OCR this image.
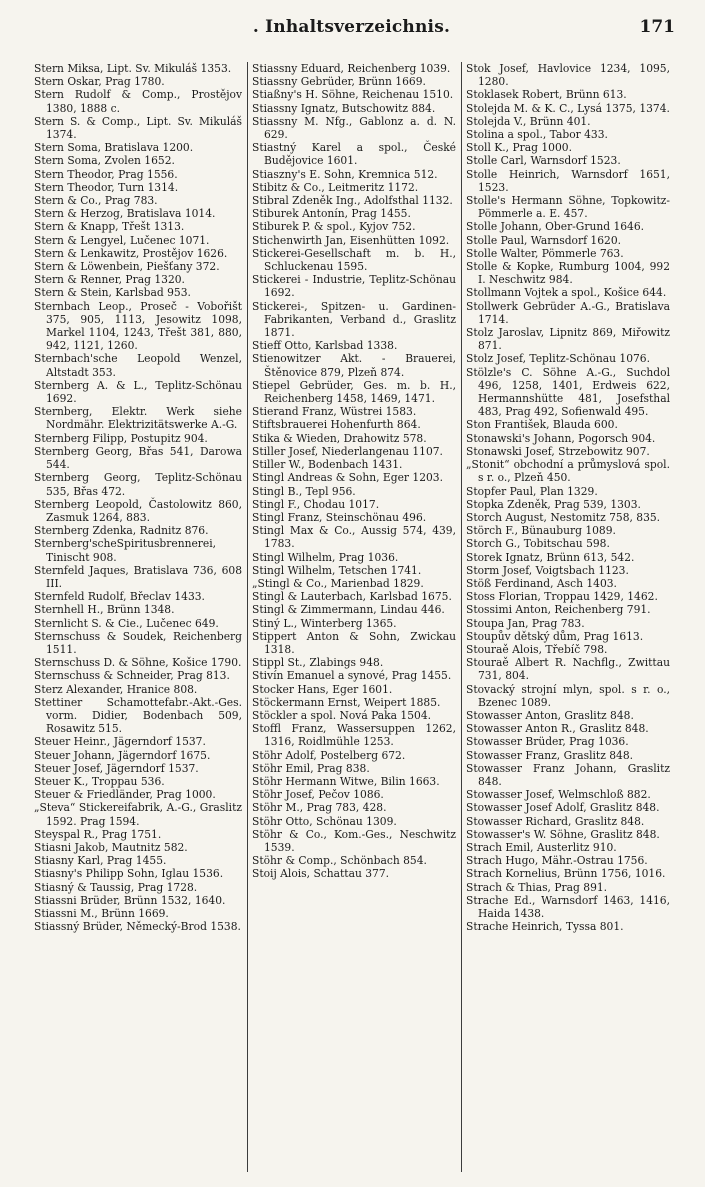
. Inhaltsverzeichnis.	171
Stern Miksa, Lipt. Sv. Mikuláš 1353.
Stern Oskar, Prag 1780.
Stern Rudolf & Comp., Prostějov 1380, 1888 c.
Stern S. & Comp., Lipt. Sv. Mikuláš 1374.
Stern Soma, Bratislava 1200.
Stern Soma, Zvolen 1652.
Stern Theodor, Prag 1556.
Stern Theodor, Turn 1314.
Stern & Co., Prag 783.
Stern & Herzog, Bratislava 1014.
Stern & Knapp, Třešt 1313.
Stern & Lengyel, Lučenec 1071.
Stern & Lenkawitz, Prostějov 1626.
Stern & Löwenbein, Piešťany 372.
Stern & Renner, Prag 1320.
Stern & Stein, Karlsbad 953.
Sternbach Leop., Proseč - Vobořišt 375, 905, 1113, Jesowitz 1098, Markel 1104, 1243, Třešt 381, 880, 942, 1121, 1260.
Sternbach'sche Leopold Wenzel, Altstadt 353.
Sternberg A. & L., Teplitz-Schönau 1692.
Sternberg, Elektr. Werk siehe Nordmähr. Elektrizitätswerke A.-G.
Sternberg Filipp, Postupitz 904.
Sternberg Georg, Břas 541, Darowa 544.
Sternberg Georg, Teplitz-Schönau 535, Břas 472.
Sternberg Leopold, Častolowitz 860, Zasmuk 1264, 883.
Sternberg Zdenka, Radnitz 876.
Sternberg'scheSpiritusbrennerei, Tinischt 908.
Sternfeld Jaques, Bratislava 736, 608 III.
Sternfeld Rudolf, Břeclav 1433.
Sternhell H., Brünn 1348.
Sternlicht S. & Cie., Lučenec 649.
Sternschuss & Soudek, Reichenberg 1511.
Sternschuss D. & Söhne, Košice 1790.
Sternschuss & Schneider, Prag 813.
Sterz Alexander, Hranice 808.
Stettiner Schamottefabr.-Akt.-Ges. vorm. Didier, Bodenbach 509, Rosawitz 515.
Steuer Heinr., Jägerndorf 1537.
Steuer Johann, Jägerndorf 1675.
Steuer Josef, Jägerndorf 1537.
Steuer K., Troppau 536.
Steuer & Friedländer, Prag 1000.
„Steva“ Stickereifabrik, A.-G., Graslitz 1592. Prag 1594.
Steyspal R., Prag 1751.
Stiasni Jakob, Mautnitz 582.
Stiasny Karl, Prag 1455.
Stiasny's Philipp Sohn, Iglau 1536.
Stiasný & Taussig, Prag 1728.
Stiassni Brüder, Brünn 1532, 1640.
Stiassni M., Brünn 1669.
Stiassný Brüder, Německý-Brod 1538.
Stiassny Eduard, Reichenberg 1039.
Stiassny Gebrüder, Brünn 1669.
Stiaßny's H. Söhne, Reichenau 1510.
Stiassny Ignatz, Butschowitz 884.
Stiassny M. Nfg., Gablonz a. d. N. 629.
Stiastný Karel a spol., České Budějovice 1601.
Stiaszny's E. Sohn, Kremnica 512.
Stibitz & Co., Leitmeritz 1172.
Stibral Zdeněk Ing., Adolfsthal 1132.
Stiburek Antonín, Prag 1455.
Stiburek P. & spol., Kyjov 752.
Stichenwirth Jan, Eisenhütten 1092.
Stickerei-Gesellschaft m. b. H., Schluckenau 1595.
Stickerei - Industrie, Teplitz-Schönau 1692.
Stickerei-, Spitzen- u. Gardinen-Fabrikanten, Verband d., Graslitz 1871.
Stieff Otto, Karlsbad 1338.
Stienowitzer Akt. - Brauerei, Štěnovice 879, Plzeň 874.
Stiepel Gebrüder, Ges. m. b. H., Reichenberg 1458, 1469, 1471.
Stierand Franz, Wüstrei 1583.
Stiftsbrauerei Hohenfurth 864.
Stika & Wieden, Drahowitz 578.
Stiller Josef, Niederlangenau 1107.
Stiller W., Bodenbach 1431.
Stingl Andreas & Sohn, Eger 1203.
Stingl B., Tepl 956.
Stingl F., Chodau 1017.
Stingl Franz, Steinschönau 496.
Stingl Max & Co., Aussig 574, 439, 1783.
Stingl Wilhelm, Prag 1036.
Stingl Wilhelm, Tetschen 1741.
„Stingl & Co., Marienbad 1829.
Stingl & Lauterbach, Karlsbad 1675.
Stingl & Zimmermann, Lindau 446.
Stiný L., Winterberg 1365.
Stippert Anton & Sohn, Zwickau 1318.
Stippl St., Zlabings 948.
Stivín Emanuel a synové, Prag 1455.
Stocker Hans, Eger 1601.
Stöckermann Ernst, Weipert 1885.
Stöckler a spol. Nová Paka 1504.
Stoffl Franz, Wassersuppen 1262, 1316, Roidlmühle 1253.
Stöhr Adolf, Postelberg 672.
Stöhr Emil, Prag 838.
Stöhr Hermann Witwe, Bilin 1663.
Stöhr Josef, Pečov 1086.
Stöhr M., Prag 783, 428.
Stöhr Otto, Schönau 1309.
Stöhr & Co., Kom.-Ges., Neschwitz 1539.
Stöhr & Comp., Schönbach 854.
Stoij Alois, Schattau 377.
Stok Josef, Havlovice 1234, 1095, 1280.
Stoklasek Robert, Brünn 613.
Stolejda M. & K. C., Lysá 1375, 1374.
Stolejda V., Brünn 401.
Stolina a spol., Tabor 433.
Stoll K., Prag 1000.
Stolle Carl, Warnsdorf 1523.
Stolle Heinrich, Warnsdorf 1651, 1523.
Stolle's Hermann Söhne, Topkowitz-Pömmerle a. E. 457.
Stolle Johann, Ober-Grund 1646.
Stolle Paul, Warnsdorf 1620.
Stolle Walter, Pömmerle 763.
Stolle & Kopke, Rumburg 1004, 992 I. Neschwitz 984.
Stollmann Vojtek a spol., Košice 644.
Stollwerk Gebrüder A.-G., Bratislava 1714.
Stolz Jaroslav, Lipnitz 869, Miřowitz 871.
Stolz Josef, Teplitz-Schönau 1076.
Stölzle's C. Söhne A.-G., Suchdol 496, 1258, 1401, Erdweis 622, Hermannshütte 481, Josefsthal 483, Prag 492, Sofienwald 495.
Ston František, Blauda 600.
Stonawski's Johann, Pogorsch 904.
Stonawski Josef, Strzebowitz 907.
„Stonit“ obchodní a průmyslová spol. s r. o., Plzeň 450.
Stopfer Paul, Plan 1329.
Stopka Zdeněk, Prag 539, 1303.
Storch August, Nestomitz 758, 835.
Störch F., Bünauburg 1089.
Storch G., Tobitschau 598.
Storek Ignatz, Brünn 613, 542.
Storm Josef, Voigtsbach 1123.
Stöß Ferdinand, Asch 1403.
Stoss Florian, Troppau 1429, 1462.
Stossimi Anton, Reichenberg 791.
Stoupa Jan, Prag 783.
Stoupův dětský dům, Prag 1613.
Stouraě Alois, Třebíč 798.
Stouraě Albert R. Nachflg., Zwittau 731, 804.
Stovacký strojní mlyn, spol. s r. o., Bzenec 1089.
Stowasser Anton, Graslitz 848.
Stowasser Anton R., Graslitz 848.
Stowasser Brüder, Prag 1036.
Stowasser Franz, Graslitz 848.
Stowasser Franz Johann, Graslitz 848.
Stowasser Josef, Welmschloß 882.
Stowasser Josef Adolf, Graslitz 848.
Stowasser Richard, Graslitz 848.
Stowasser's W. Söhne, Graslitz 848.
Strach Emil, Austerlitz 910.
Strach Hugo, Mähr.-Ostrau 1756.
Strach Kornelius, Brünn 1756, 1016.
Strach & Thias, Prag 891.
Strache Ed., Warnsdorf 1463, 1416, Haida 1438.
Strache Heinrich, Tyssa 801.
